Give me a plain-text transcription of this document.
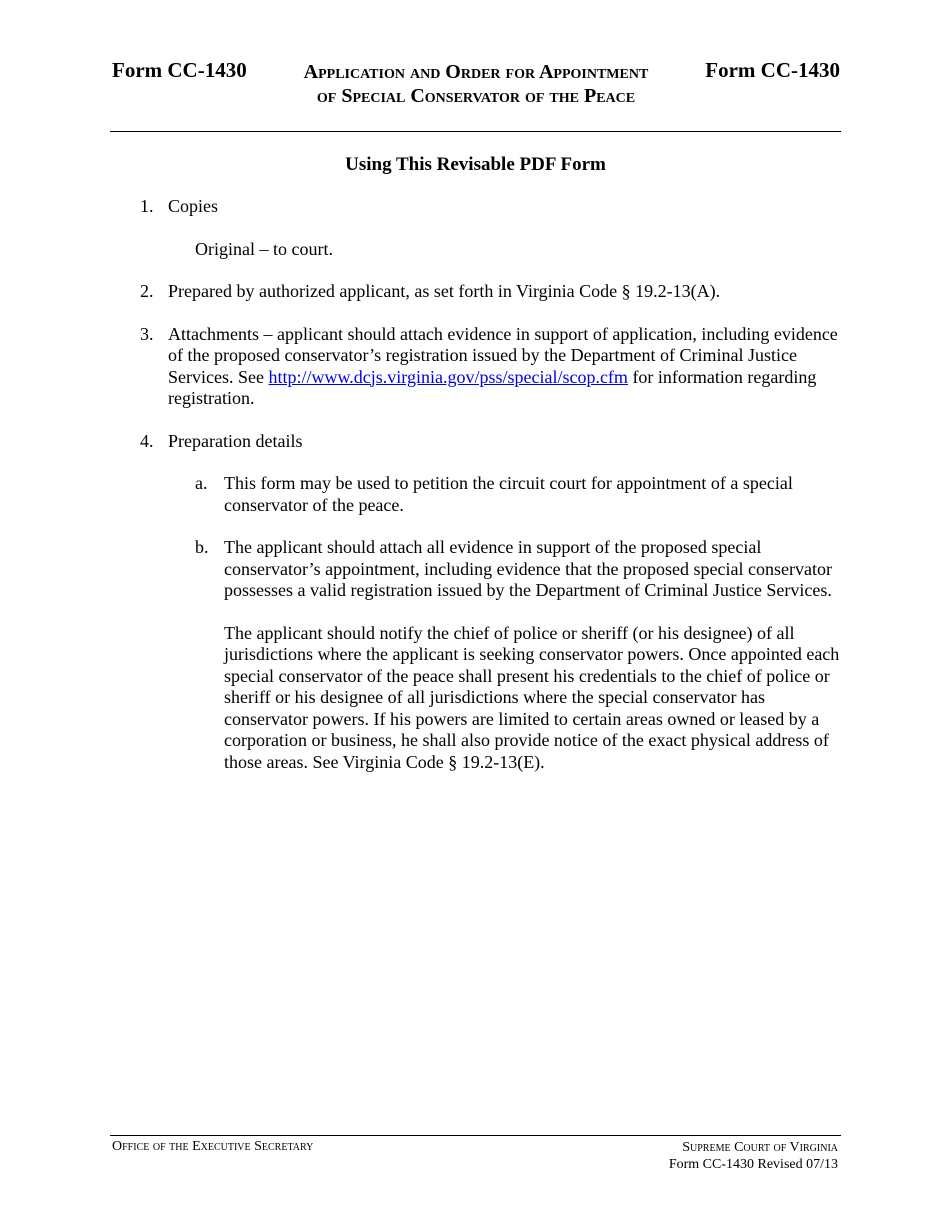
Form CC-1430	Application and Order for Appointment
of Special Conservator of the Peace
Form CC-1430
Using This Revisable PDF Form
1. Copies
Original – to court.
2. Prepared by authorized applicant, as set forth in Virginia Code § 19.2-13(A).
3. Attachments – applicant should attach evidence in support of application, including evidence of the proposed conservator’s registration issued by the Department of Criminal Justice Services. See http://www.dcjs.virginia.gov/pss/special/scop.cfm for information regarding registration.
4. Preparation details
a. This form may be used to petition the circuit court for appointment of a special conservator of the peace.
b. The applicant should attach all evidence in support of the proposed special conservator’s appointment, including evidence that the proposed special conservator possesses a valid registration issued by the Department of Criminal Justice Services.
The applicant should notify the chief of police or sheriff (or his designee) of all jurisdictions where the applicant is seeking conservator powers. Once appointed each special conservator of the peace shall present his credentials to the chief of police or sheriff or his designee of all jurisdictions where the special conservator has conservator powers. If his powers are limited to certain areas owned or leased by a corporation or business, he shall also provide notice of the exact physical address of those areas. See Virginia Code § 19.2-13(E).
Office of the Executive Secretary	Supreme Court of Virginia
Form CC-1430 Revised 07/13
